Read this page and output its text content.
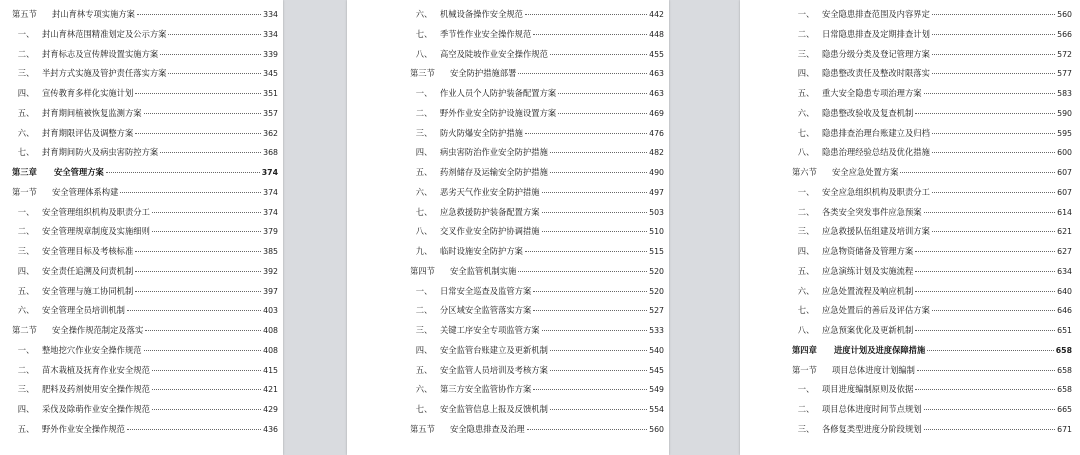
第五节	封山育林专项实施方案	334
一、 封山育林范围精准划定及公示方案	334
二、 封育标志及宣传牌设置实施方案	339
三、 半封方式实施及管护责任落实方案	345
四、 宣传教育多样化实施计划	351
五、 封育期间植被恢复监测方案	357
六、 封育期限评估及调整方案	362
七、 封育期间防火及病虫害防控方案	368
第三章	安全管理方案	374
第一节	安全管理体系构建	374
一、 安全管理组织机构及职责分工	374
二、 安全管理规章制度及实施细则	379
三、 安全管理目标及考核标准	385
四、 安全责任追溯及问责机制	392
五、 安全管理与施工协同机制	397
六、 安全管理全员培训机制	403
第二节	安全操作规范制定及落实	408
一、 整地挖穴作业安全操作规范	408
二、 苗木栽植及抚育作业安全规范	415
三、 肥料及药剂使用安全操作规范	421
四、 采伐及除萌作业安全操作规范	429
五、 野外作业安全操作规范	436
六、 机械设备操作安全规范	442
七、 季节性作业安全操作规范	448
八、 高空及陡坡作业安全操作规范	455
第三节	安全防护措施部署	463
一、 作业人员个人防护装备配置方案	463
二、 野外作业安全防护设施设置方案	469
三、 防火防爆安全防护措施	476
四、 病虫害防治作业安全防护措施	482
五、 药剂储存及运输安全防护措施	490
六、 恶劣天气作业安全防护措施	497
七、 应急救援防护装备配置方案	503
八、 交叉作业安全防护协调措施	510
九、 临时设施安全防护方案	515
第四节	安全监管机制实施	520
一、 日常安全巡查及监管方案	520
二、 分区域安全监管落实方案	527
三、 关键工序安全专项监管方案	533
四、 安全监管台账建立及更新机制	540
五、 安全监管人员培训及考核方案	545
六、 第三方安全监管协作方案	549
七、 安全监管信息上报及反馈机制	554
第五节	安全隐患排查及治理	560
一、 安全隐患排查范围及内容界定	560
二、 日常隐患排查及定期排查计划	566
三、 隐患分级分类及登记管理方案	572
四、 隐患整改责任及整改时限落实	577
五、 重大安全隐患专项治理方案	583
六、 隐患整改验收及复查机制	590
七、 隐患排查治理台账建立及归档	595
八、 隐患治理经验总结及优化措施	600
第六节	安全应急处置方案	607
一、 安全应急组织机构及职责分工	607
二、 各类安全突发事件应急预案	614
三、 应急救援队伍组建及培训方案	621
四、 应急物资储备及管理方案	627
五、 应急演练计划及实施流程	634
六、 应急处置流程及响应机制	640
七、 应急处置后的善后及评估方案	646
八、 应急预案优化及更新机制	651
第四章	进度计划及进度保障措施	658
第一节	项目总体进度计划编制	658
一、 项目进度编制原则及依据	658
二、 项目总体进度时间节点规划	665
三、 各修复类型进度分阶段规划	671
